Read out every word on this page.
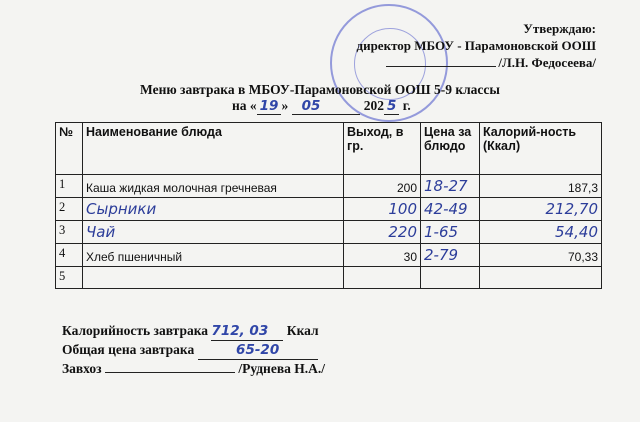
Утверждаю:
директор МБОУ - Парамоновской ООШ
/Л.Н. Федосеева/
Меню завтрака в МБОУ-Парамоновской ООШ 5-9 классы
на « 19 » 05	202 5 г.
№	Наименование блюда	Выход, в гр.	Цена за блюдо	Калорий-ность (Ккал)
1	Каша жидкая молочная гречневая	200	18-27	187,3
2	Сырники	100	42-49	212,70
3	Чай	220	1-65	54,40
4	Хлеб пшеничный	30	2-79	70,33
5				
Калорийность завтрака 712, 03 Ккал
Общая цена завтрака	65-20
Завхоз	/Руднева Н.А./
